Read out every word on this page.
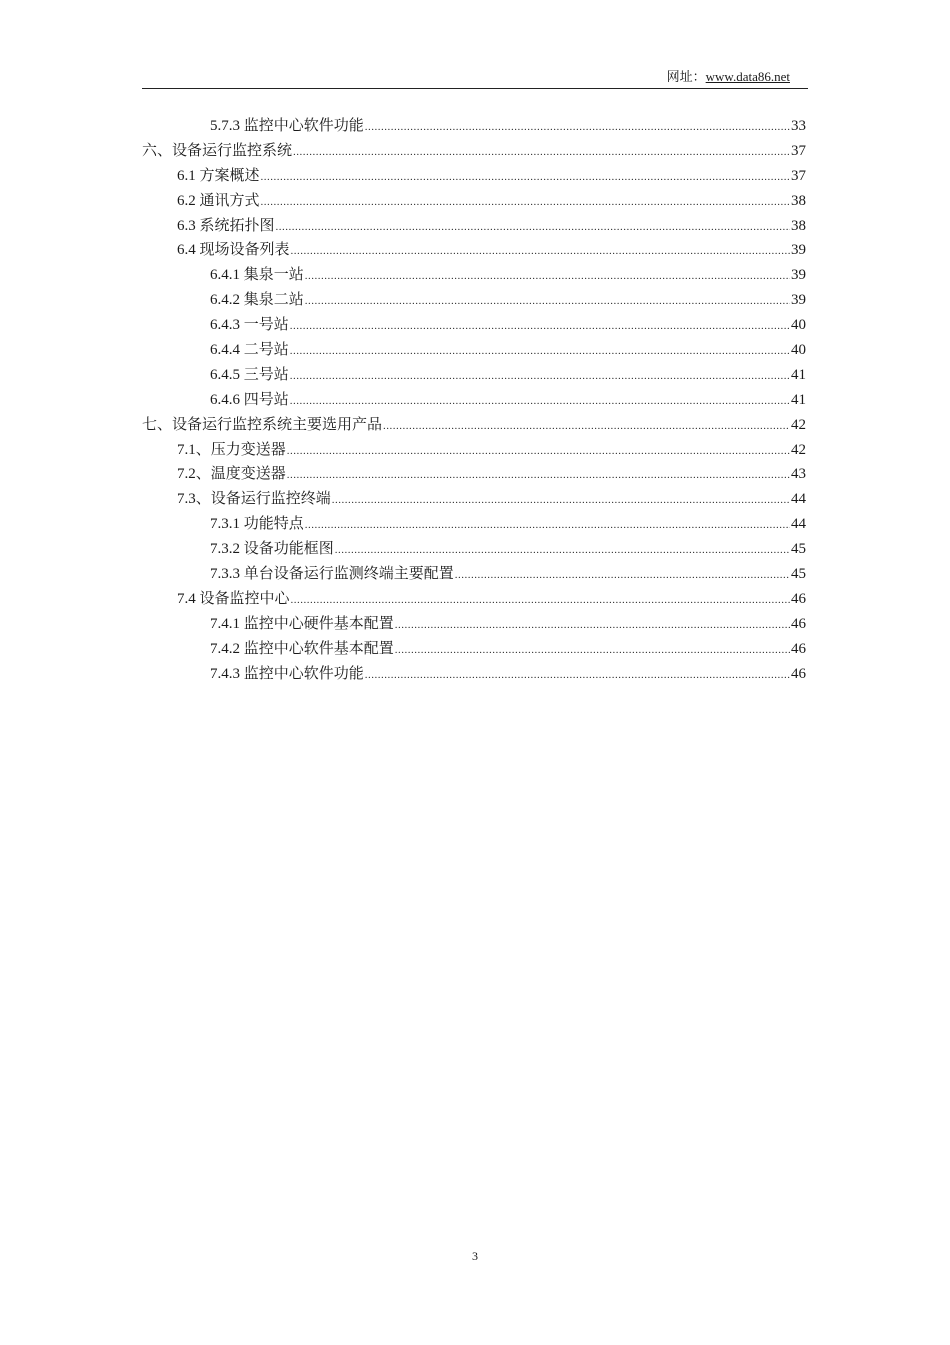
网址：www.data86.net
5.7.3 监控中心软件功能 .....	33
六、设备运行监控系统 .....	37
6.1 方案概述 .....	37
6.2 通讯方式 .....	38
6.3 系统拓扑图 .....	38
6.4 现场设备列表 .....	39
6.4.1 集泉一站 .....	39
6.4.2 集泉二站 .....	39
6.4.3 一号站 .....	40
6.4.4 二号站 .....	40
6.4.5 三号站 .....	41
6.4.6 四号站 .....	41
七、设备运行监控系统主要选用产品 .....	42
7.1、压力变送器 .....	42
7.2、温度变送器 .....	43
7.3、设备运行监控终端 .....	44
7.3.1 功能特点 .....	44
7.3.2 设备功能框图 .....	45
7.3.3 单台设备运行监测终端主要配置 .....	45
7.4 设备监控中心 .....	46
7.4.1 监控中心硬件基本配置 .....	46
7.4.2 监控中心软件基本配置 .....	46
7.4.3 监控中心软件功能 .....	46
3
